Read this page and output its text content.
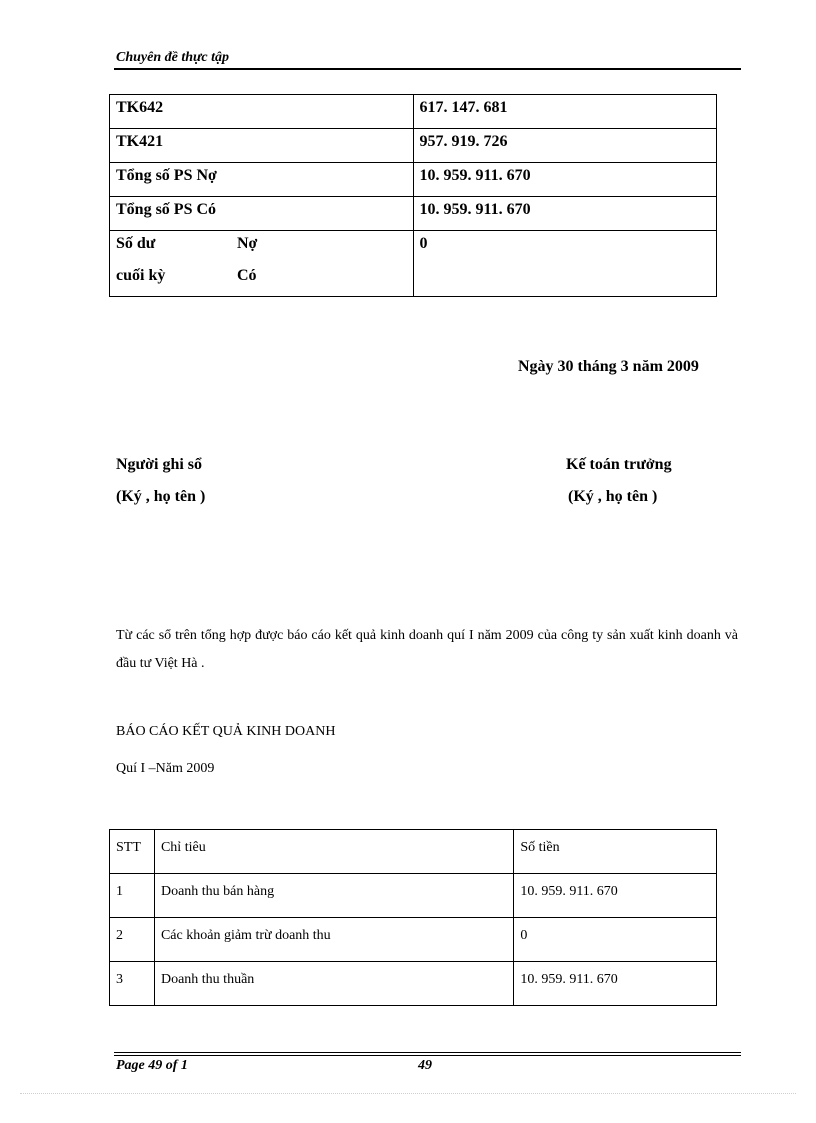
Chuyên đề thực tập
TK642	617. 147. 681
TK421	957. 919. 726
Tổng số PS Nợ	10. 959. 911. 670
Tổng số PS Có	10. 959. 911. 670

Số dư Nợ
cuối kỳ Có	0
Ngày 30 tháng 3 năm 2009
Người ghi sổ
(Ký , họ tên )
Kế toán trưởng
(Ký , họ tên )
Từ các sổ trên tổng hợp được báo cáo kết quả kinh doanh quí I năm 2009 của công ty sản xuất kinh doanh và đầu tư Việt Hà .
BÁO CÁO KẾT QUẢ KINH DOANH
Quí I –Năm 2009
STT	Chỉ tiêu	Số tiền
1	Doanh thu bán hàng	10. 959. 911. 670
2	Các khoản giảm trừ doanh thu	0
3	Doanh thu thuần	10. 959. 911. 670
Page 49 of 1	49
